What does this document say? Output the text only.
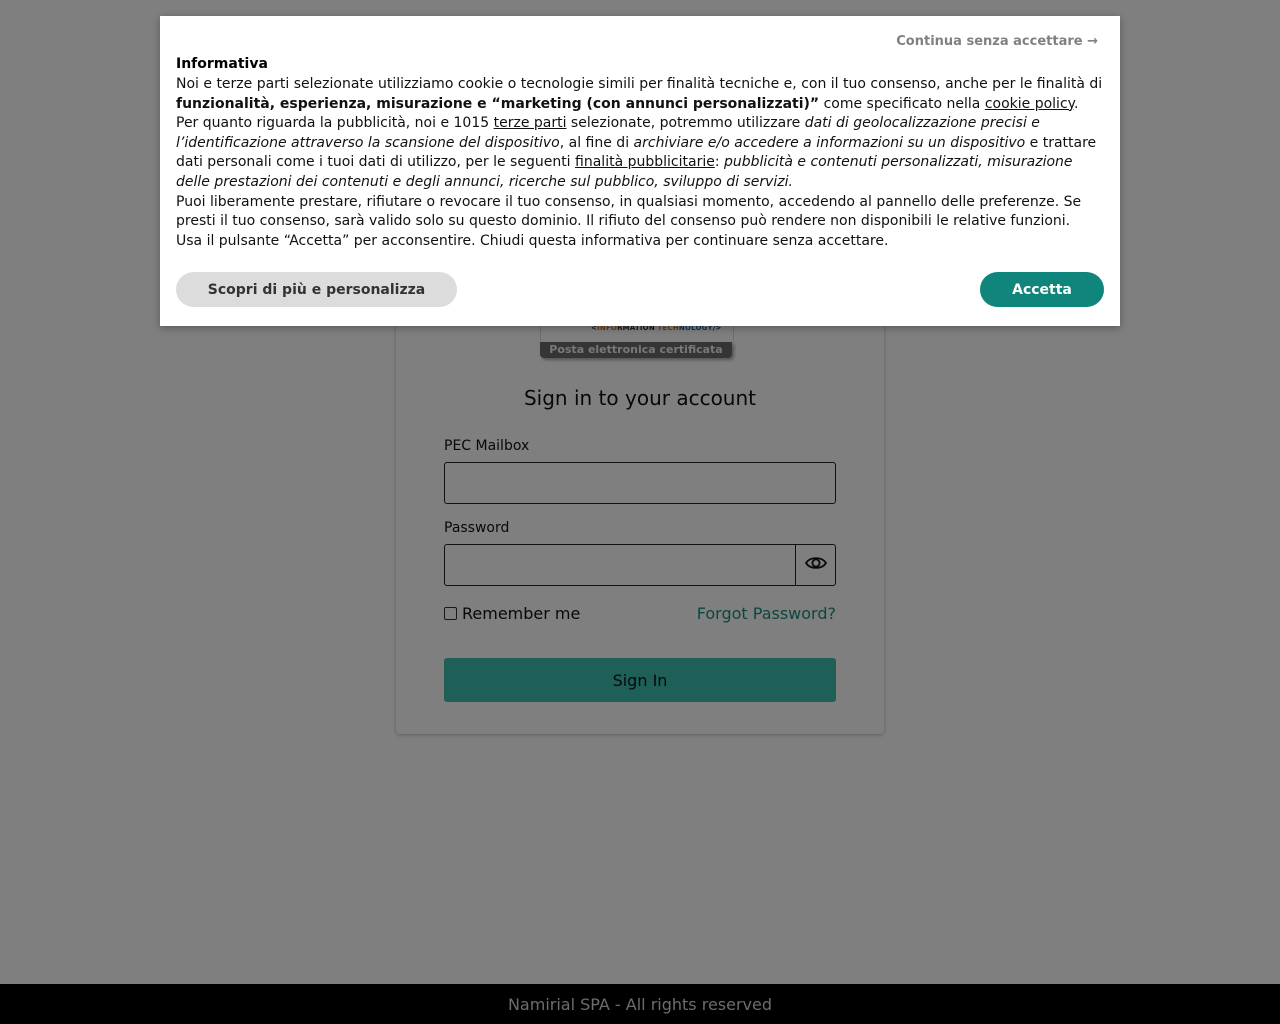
Informativa
Continua senza accettare →

Noi e terze parti selezionate utilizziamo cookie o tecnologie simili per finalità tecniche e, con il tuo consenso, anche per le finalità di funzionalità, esperienza, misurazione e “marketing (con annunci personalizzati)” come specificato nella cookie policy.

Per quanto riguarda la pubblicità, noi e 1015 terze parti selezionate, potremmo utilizzare dati di geolocalizzazione precisi e l’identificazione attraverso la scansione del dispositivo, al fine di archiviare e/o accedere a informazioni su un dispositivo e trattare dati personali come i tuoi dati di utilizzo, per le seguenti finalità pubblicitarie: pubblicità e contenuti personalizzati, misurazione delle prestazioni dei contenuti e degli annunci, ricerche sul pubblico, sviluppo di servizi.

Puoi liberamente prestare, rifiutare o revocare il tuo consenso, in qualsiasi momento, accedendo al pannello delle preferenze. Se presti il tuo consenso, sarà valido solo su questo dominio. Il rifiuto del consenso può rendere non disponibili le relative funzioni.

Usa il pulsante “Accetta” per acconsentire. Chiudi questa informativa per continuare senza accettare.

Scopri di più e personalizza	Accetta
